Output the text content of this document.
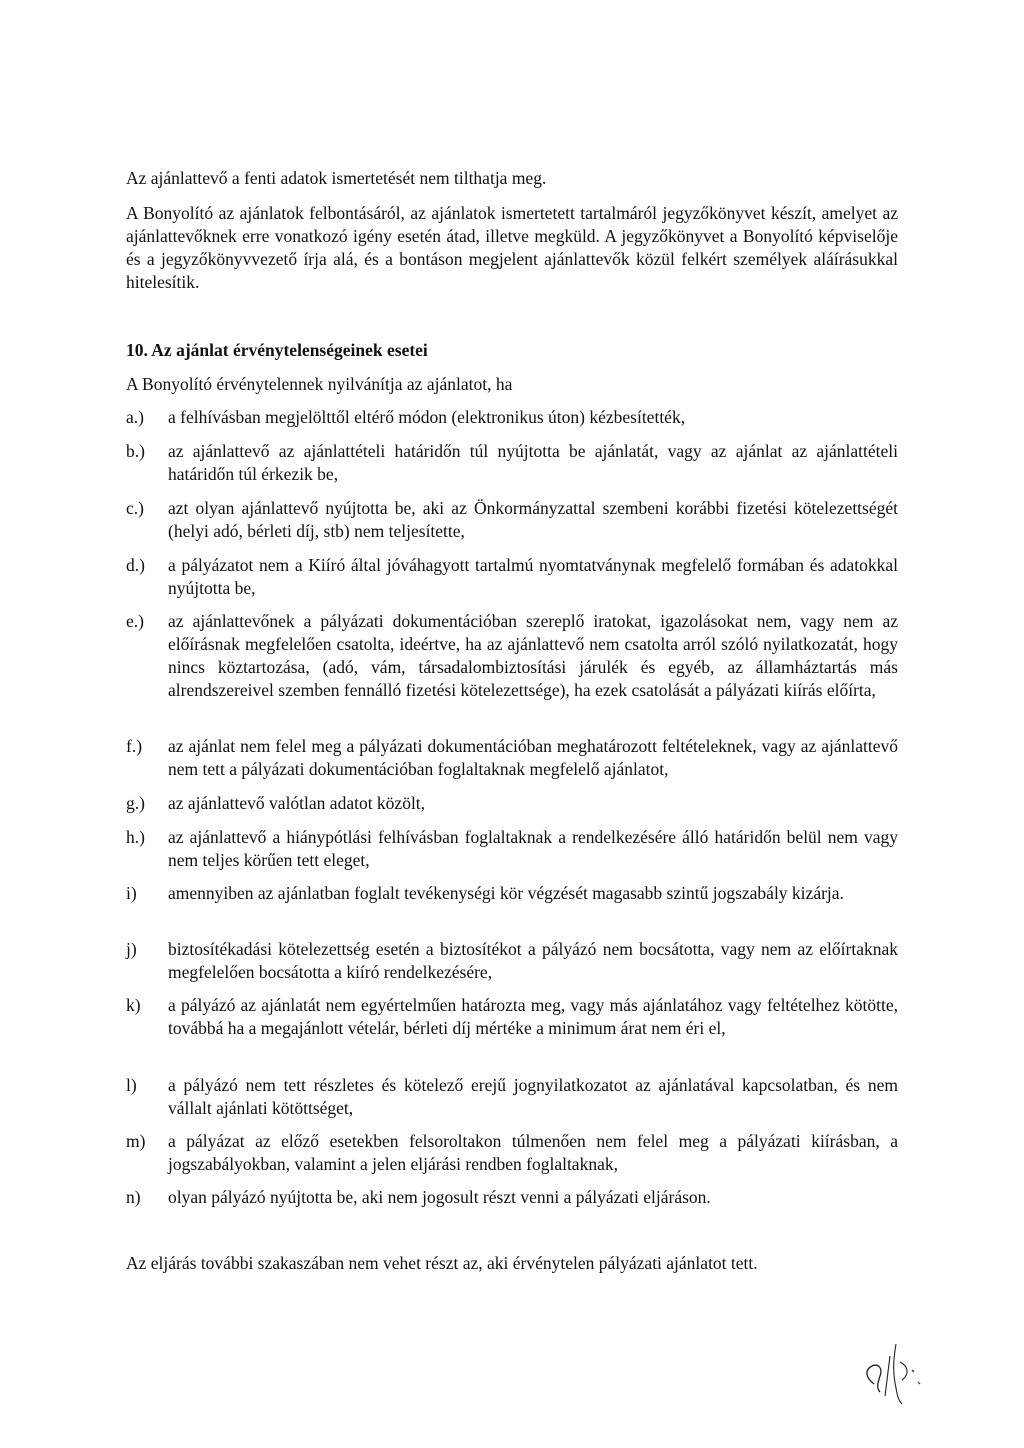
Az ajánlattevő a fenti adatok ismertetését nem tilthatja meg.

A Bonyolító az ajánlatok felbontásáról, az ajánlatok ismertetett tartalmáról jegyzőkönyvet készít, amelyet az ajánlattevőknek erre vonatkozó igény esetén átad, illetve megküld. A jegyzőkönyvet a Bonyolító képviselője és a jegyzőkönyvvezető írja alá, és a bontáson megjelent ajánlattevők közül felkért személyek aláírásukkal hitelesítik.

10. Az ajánlat érvénytelenségeinek esetei

A Bonyolító érvénytelennek nyilvánítja az ajánlatot, ha

a.)	a felhívásban megjelölttől eltérő módon (elektronikus úton) kézbesítették,
b.)	az ajánlattevő az ajánlattételi határidőn túl nyújtotta be ajánlatát, vagy az ajánlat az ajánlattételi határidőn túl érkezik be,
c.)	azt olyan ajánlattevő nyújtotta be, aki az Önkormányzattal szembeni korábbi fizetési kötelezettségét (helyi adó, bérleti díj, stb) nem teljesítette,
d.)	a pályázatot nem a Kiíró által jóváhagyott tartalmú nyomtatványnak megfelelő formában és adatokkal nyújtotta be,
e.)	az ajánlattevőnek a pályázati dokumentációban szereplő iratokat, igazolásokat nem, vagy nem az előírásnak megfelelően csatolta, ideértve, ha az ajánlattevő nem csatolta arról szóló nyilatkozatát, hogy nincs köztartozása, (adó, vám, társadalombiztosítási járulék és egyéb, az államháztartás más alrendszereivel szemben fennálló fizetési kötelezettsége), ha ezek csatolását a pályázati kiírás előírta,
f.)	az ajánlat nem felel meg a pályázati dokumentációban meghatározott feltételeknek, vagy az ajánlattevő nem tett a pályázati dokumentációban foglaltaknak megfelelő ajánlatot,
g.)	az ajánlattevő valótlan adatot közölt,
h.)	az ajánlattevő a hiánypótlási felhívásban foglaltaknak a rendelkezésére álló határidőn belül nem vagy nem teljes körűen tett eleget,
i)	amennyiben az ajánlatban foglalt tevékenységi kör végzését magasabb szintű jogszabály kizárja.
j)	biztosítékadási kötelezettség esetén a biztosítékot a pályázó nem bocsátotta, vagy nem az előírtaknak megfelelően bocsátotta a kiíró rendelkezésére,
k)	a pályázó az ajánlatát nem egyértelműen határozta meg, vagy más ajánlatához vagy feltételhez kötötte, továbbá ha a megajánlott vételár, bérleti díj mértéke a minimum árat nem éri el,
l)	a pályázó nem tett részletes és kötelező erejű jognyilatkozatot az ajánlatával kapcsolatban, és nem vállalt ajánlati kötöttséget,
m)	a pályázat az előző esetekben felsoroltakon túlmenően nem felel meg a pályázati kiírásban, a jogszabályokban, valamint a jelen eljárási rendben foglaltaknak,
n)	olyan pályázó nyújtotta be, aki nem jogosult részt venni a pályázati eljáráson.

Az eljárás további szakaszában nem vehet részt az, aki érvénytelen pályázati ajánlatot tett.
